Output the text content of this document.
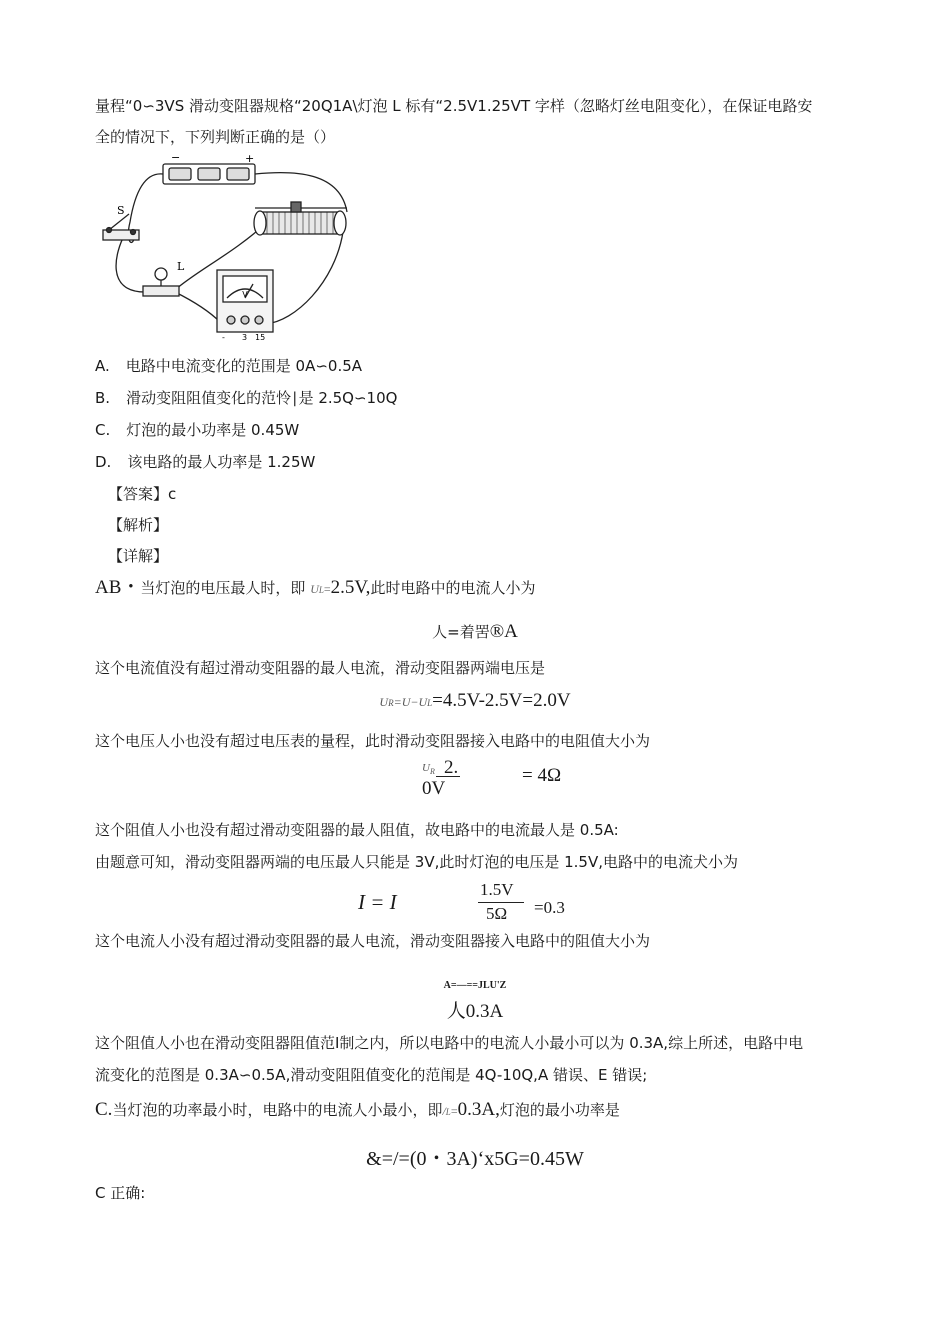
量程“0∽3VS 滑动变阻器规格“20Q1A\灯泡 L 标有“2.5V1.25VT 字样（忽略灯丝电阻变化），在保证电路安
全的情况下，下列判断正确的是（）
−	+
S
L
V
- 3 15
A. 电路中电流变化的范围是 0A∽0.5A
B. 滑动变阻阻值变化的范怜∣是 2.5Q∽10Q
C. 灯泡的最小功率是 0.45W
D. 该电路的最人功率是 1.25W
【答案】c
【解析】
【详解】
AB・当灯泡的电压最人时，即 UL=2.5V,此时电路中的电流人小为
人=着罟®A
这个电流值没有超过滑动变阻器的最人电流，滑动变阻器两端电压是
UR=U−UL=4.5V-2.5V=2.0V
这个电压人小也没有超过电压表的量程，此时滑动变阻器接入电路中的电阻值大小为
U R 2.
0V
= 4Ω
这个阻值人小也没有超过滑动变阻器的最人阻值，故电路中的电流最人是 0.5A:
由题意可知，滑动变阻器两端的电压最人只能是 3V,此时灯泡的电压是 1.5V,电路中的电流犬小为
I = I
1.5V
5Ω =0.3
这个电流人小没有超过滑动变阻器的最人电流，滑动变阻器接入电路中的阻值大小为
A=—==JLU'Z
人0.3A
这个阻值人小也在滑动变阻器阻值范Ⅰ制之内，所以电路中的电流人小最小可以为 0.3A,综上所述，电路中电
流变化的范图是 0.3A∽0.5A,滑动变阻阻值变化的范闱是 4Q-10Q,A 错误、E 错误;
C.当灯泡的功率最小时，电路中的电流人小最小，即/L=0.3A,灯泡的最小功率是
&=/=(0・3A)‘x5G=0.45W
C 正确:
